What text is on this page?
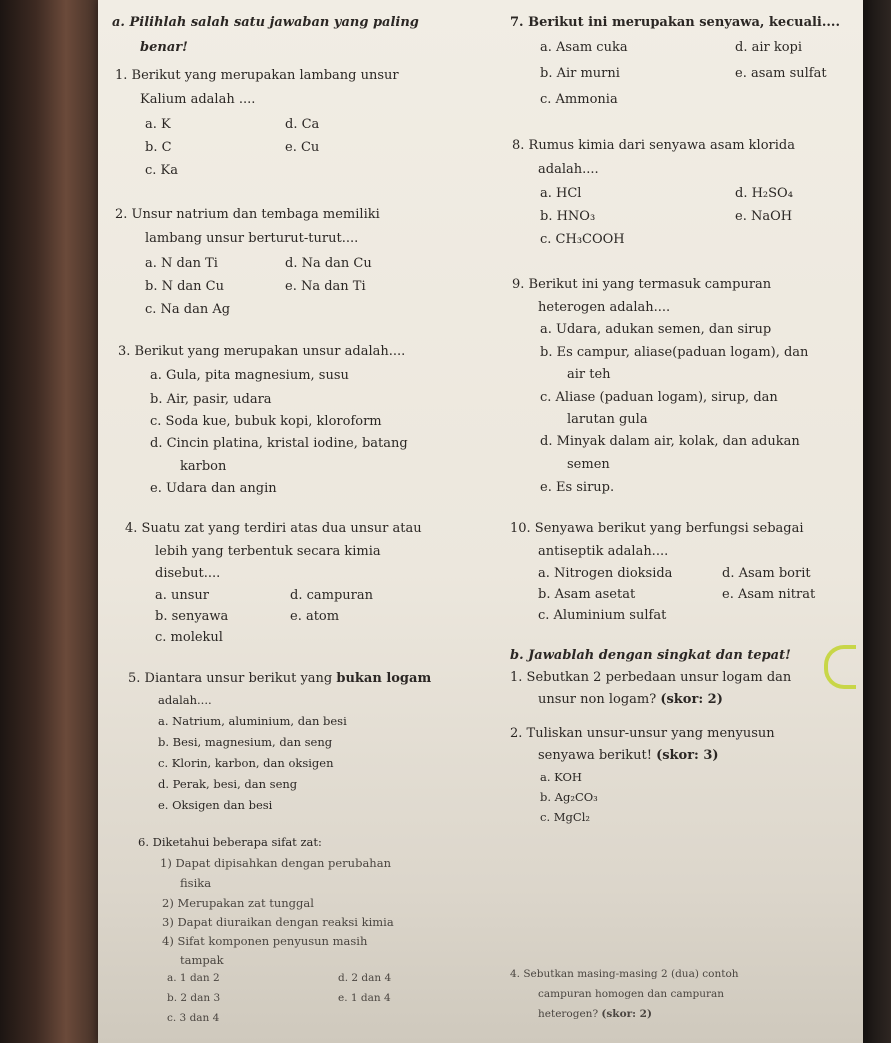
a. Pilihlah salah satu jawaban yang paling
benar!
1. Berikut yang merupakan lambang unsur
Kalium adalah ....
a. K	d. Ca
b. C	e. Cu
c. Ka
2. Unsur natrium dan tembaga memiliki
lambang unsur berturut-turut....
a. N dan Ti	d. Na dan Cu
b. N dan Cu	e. Na dan Ti
c. Na dan Ag
3. Berikut yang merupakan unsur adalah....
a. Gula, pita magnesium, susu
b. Air, pasir, udara
c. Soda kue, bubuk kopi, kloroform
d. Cincin platina, kristal iodine, batang
karbon
e. Udara dan angin
4. Suatu zat yang terdiri atas dua unsur atau
lebih yang terbentuk secara kimia
disebut....
a. unsur	d. campuran
b. senyawa	e. atom
c. molekul
5. Diantara unsur berikut yang bukan logam
adalah....
a. Natrium, aluminium, dan besi
b. Besi, magnesium, dan seng
c. Klorin, karbon, dan oksigen
d. Perak, besi, dan seng
e. Oksigen dan besi
6. Diketahui beberapa sifat zat:
1) Dapat dipisahkan dengan perubahan
fisika
2) Merupakan zat tunggal
3) Dapat diuraikan dengan reaksi kimia
4) Sifat komponen penyusun masih
tampak
a. 1 dan 2	d. 2 dan 4
b. 2 dan 3	e. 1 dan 4
c. 3 dan 4
7. Berikut ini merupakan senyawa, kecuali....
a. Asam cuka	d. air kopi
b. Air murni	e. asam sulfat
c. Ammonia
8. Rumus kimia dari senyawa asam klorida
adalah....
a. HCl	d. H₂SO₄
b. HNO₃	e. NaOH
c. CH₃COOH
9. Berikut ini yang termasuk campuran
heterogen adalah....
a. Udara, adukan semen, dan sirup
b. Es campur, aliase(paduan logam), dan
air teh
c. Aliase (paduan logam), sirup, dan
larutan gula
d. Minyak dalam air, kolak, dan adukan
semen
e. Es sirup.
10. Senyawa berikut yang berfungsi sebagai
antiseptik adalah....
a. Nitrogen dioksida	d. Asam borit
b. Asam asetat	e. Asam nitrat
c. Aluminium sulfat
b. Jawablah dengan singkat dan tepat!
1. Sebutkan 2 perbedaan unsur logam dan
unsur non logam? (skor: 2)
2. Tuliskan unsur-unsur yang menyusun
senyawa berikut! (skor: 3)
a. KOH
b. Ag₂CO₃
c. MgCl₂
4. Sebutkan masing-masing 2 (dua) contoh
campuran homogen dan campuran
heterogen? (skor: 2)
